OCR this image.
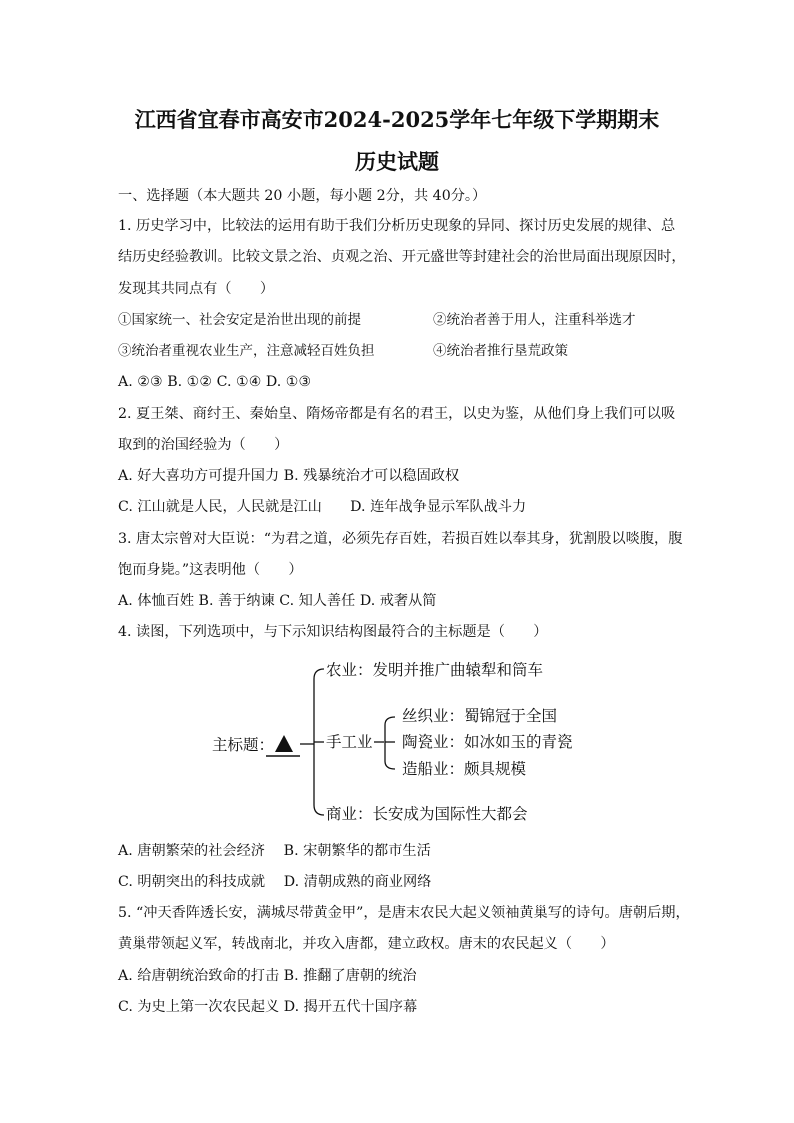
江西省宜春市高安市2024-2025学年七年级下学期期末
历史试题
一、选择题（本大题共 20 小题，每小题 2分，共 40分。）
1. 历史学习中，比较法的运用有助于我们分析历史现象的异同、探讨历史发展的规律、总
结历史经验教训。比较文景之治、贞观之治、开元盛世等封建社会的治世局面出现原因时，
发现其共同点有（　　）
①国家统一、社会安定是治世出现的前提	②统治者善于用人，注重科举选才
③统治者重视农业生产，注意减轻百姓负担	④统治者推行垦荒政策
A. ②③ B. ①② C. ①④ D. ①③
2. 夏王桀、商纣王、秦始皇、隋炀帝都是有名的君王，以史为鉴，从他们身上我们可以吸
取到的治国经验为（　　）
A. 好大喜功方可提升国力 B. 残暴统治才可以稳固政权
C. 江山就是人民，人民就是江山　　D. 连年战争显示军队战斗力
3. 唐太宗曾对大臣说：“为君之道，必须先存百姓，若损百姓以奉其身，犹割股以啖腹，腹
饱而身毙。”这表明他（　　）
A. 体恤百姓 B. 善于纳谏 C. 知人善任 D. 戒奢从简
4. 读图，下列选项中，与下示知识结构图最符合的主标题是（　　）
主标题：
农业：发明并推广曲辕犁和筒车
手工业
丝织业：蜀锦冠于全国
陶瓷业：如冰如玉的青瓷
造船业：颇具规模
商业：长安成为国际性大都会
A. 唐朝繁荣的社会经济　 B. 宋朝繁华的都市生活
C. 明朝突出的科技成就　 D. 清朝成熟的商业网络
5. “冲天香阵透长安，满城尽带黄金甲”，是唐末农民大起义领袖黄巢写的诗句。唐朝后期，
黄巢带领起义军，转战南北，并攻入唐都，建立政权。唐末的农民起义（　　）
A. 给唐朝统治致命的打击 B. 推翻了唐朝的统治
C. 为史上第一次农民起义 D. 揭开五代十国序幕
